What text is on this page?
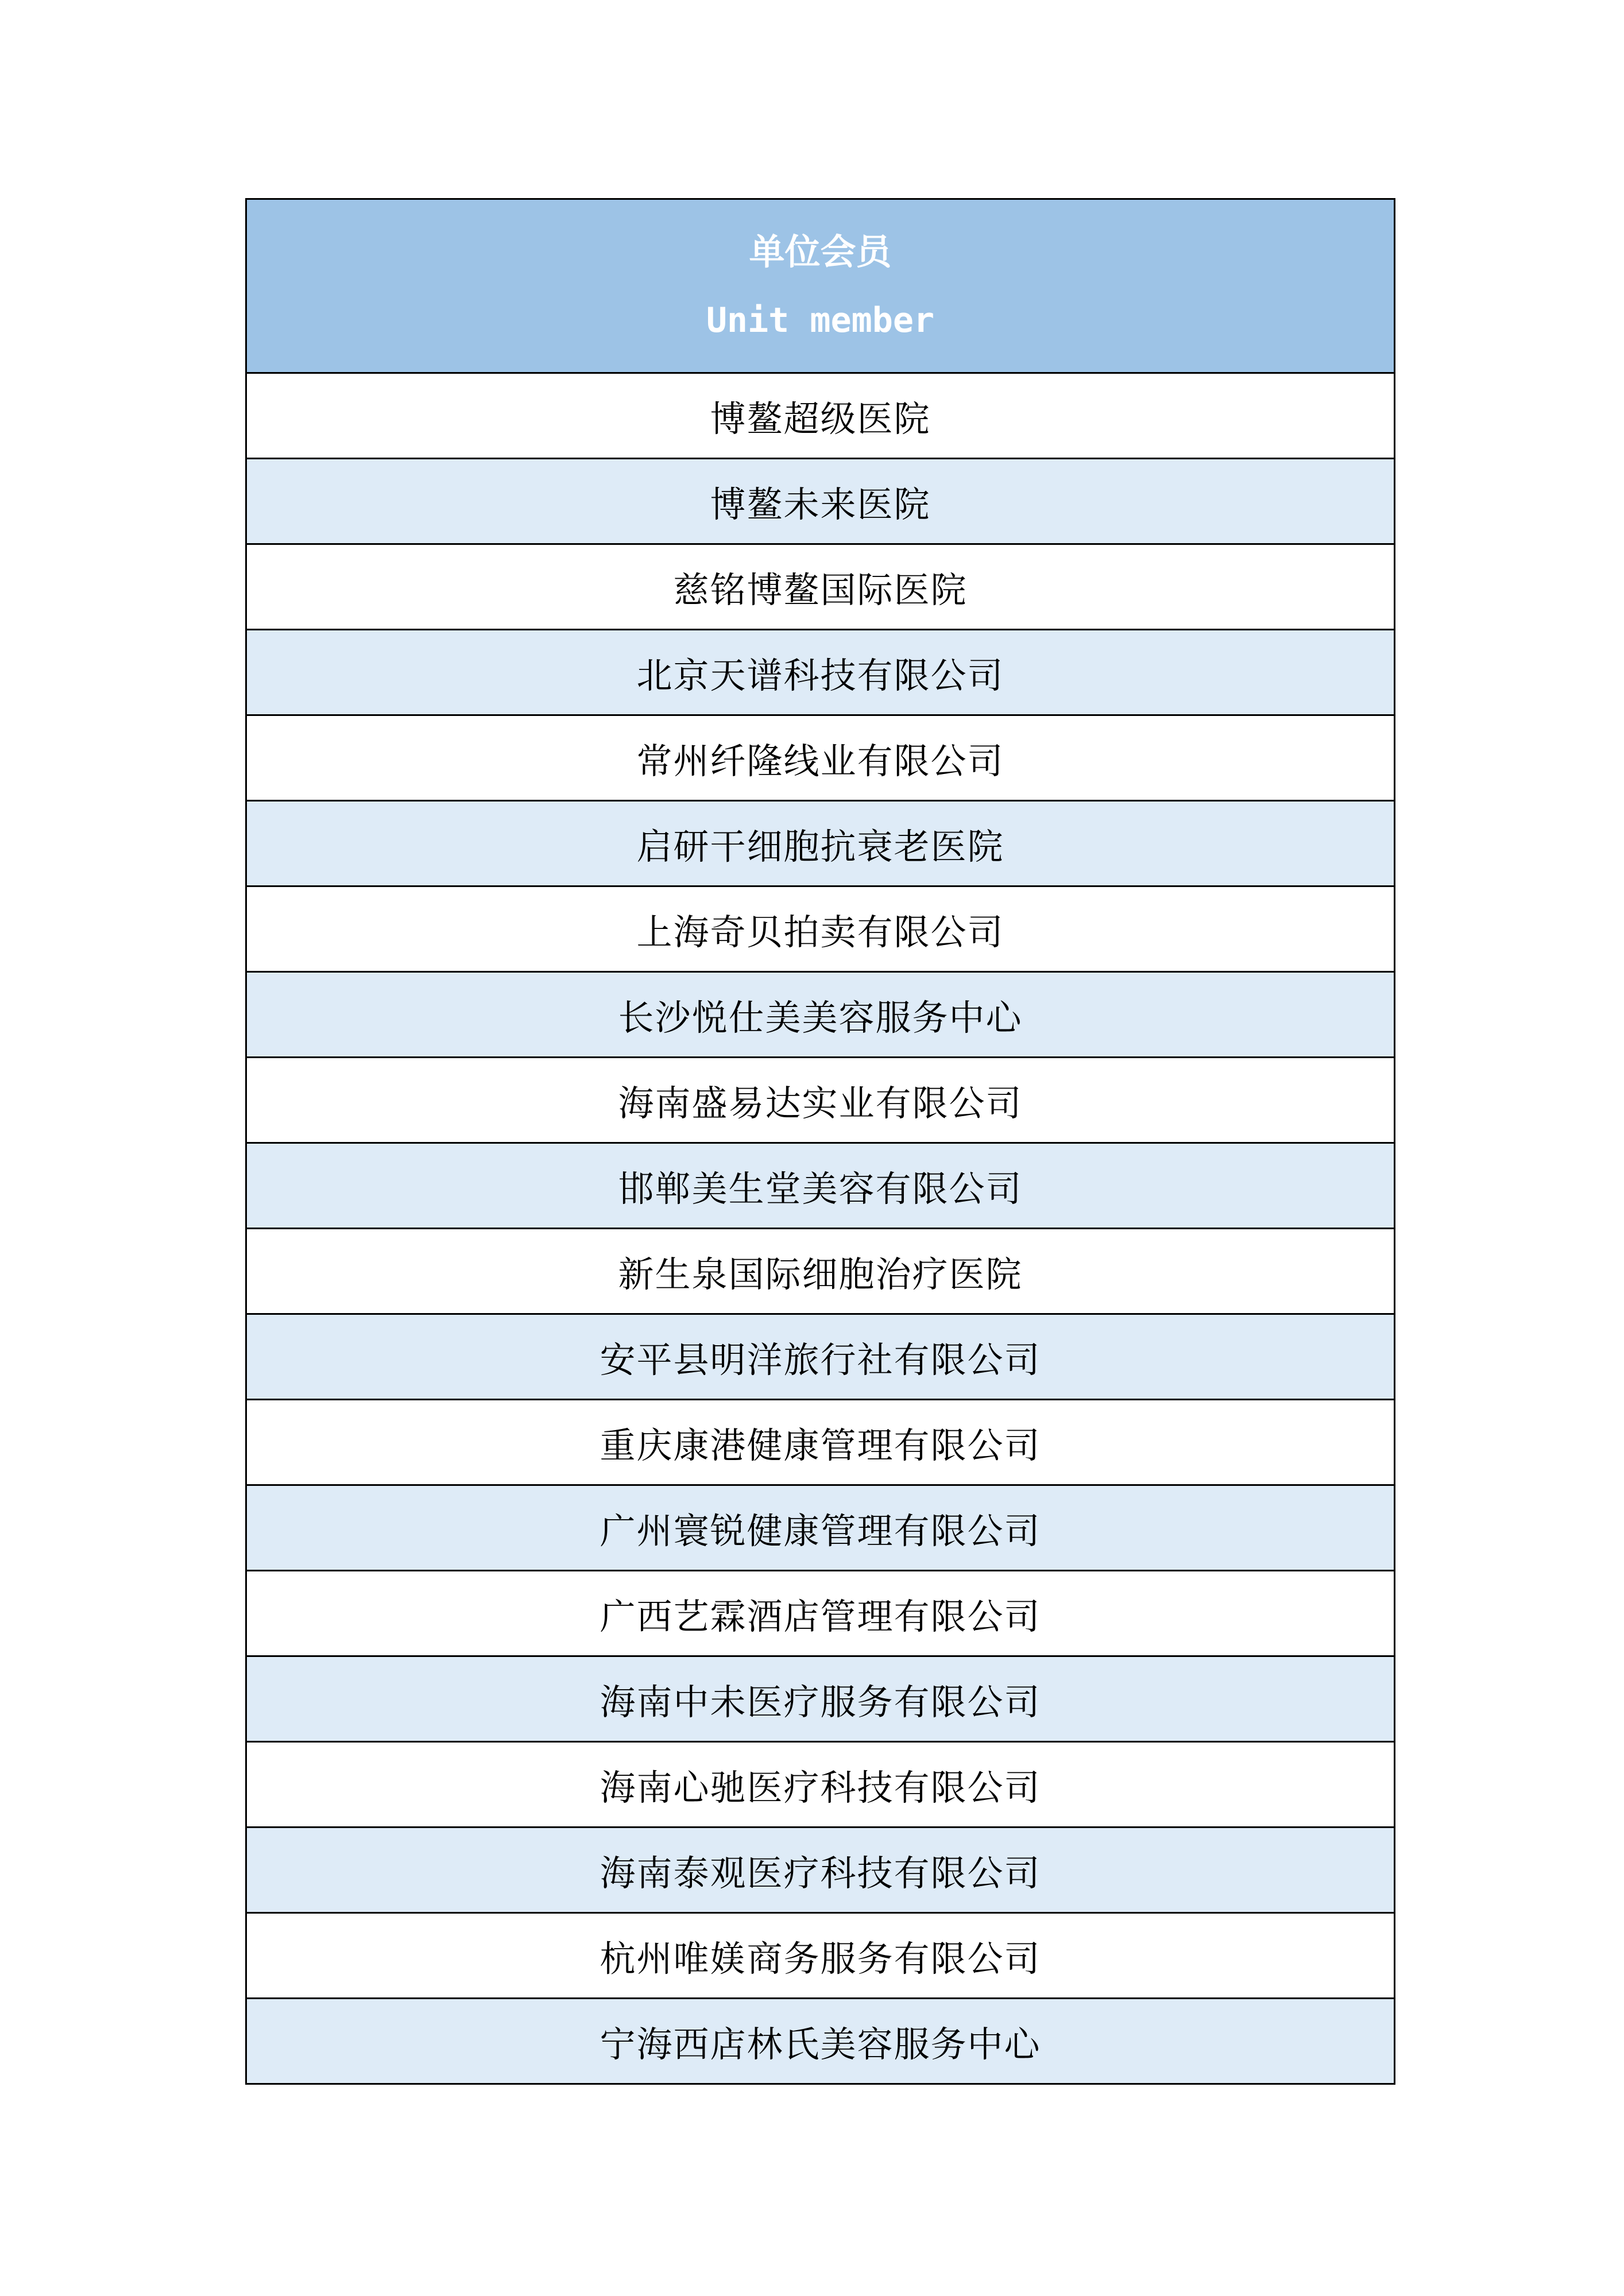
单位会员
Unit member

博鳌超级医院
博鳌未来医院
慈铭博鳌国际医院
北京天谱科技有限公司
常州纤隆线业有限公司
启研干细胞抗衰老医院
上海奇贝拍卖有限公司
长沙悦仕美美容服务中心
海南盛易达实业有限公司
邯郸美生堂美容有限公司
新生泉国际细胞治疗医院
安平县明洋旅行社有限公司
重庆康港健康管理有限公司
广州寰锐健康管理有限公司
广西艺霖酒店管理有限公司
海南中未医疗服务有限公司
海南心驰医疗科技有限公司
海南泰观医疗科技有限公司
杭州唯媄商务服务有限公司
宁海西店林氏美容服务中心
